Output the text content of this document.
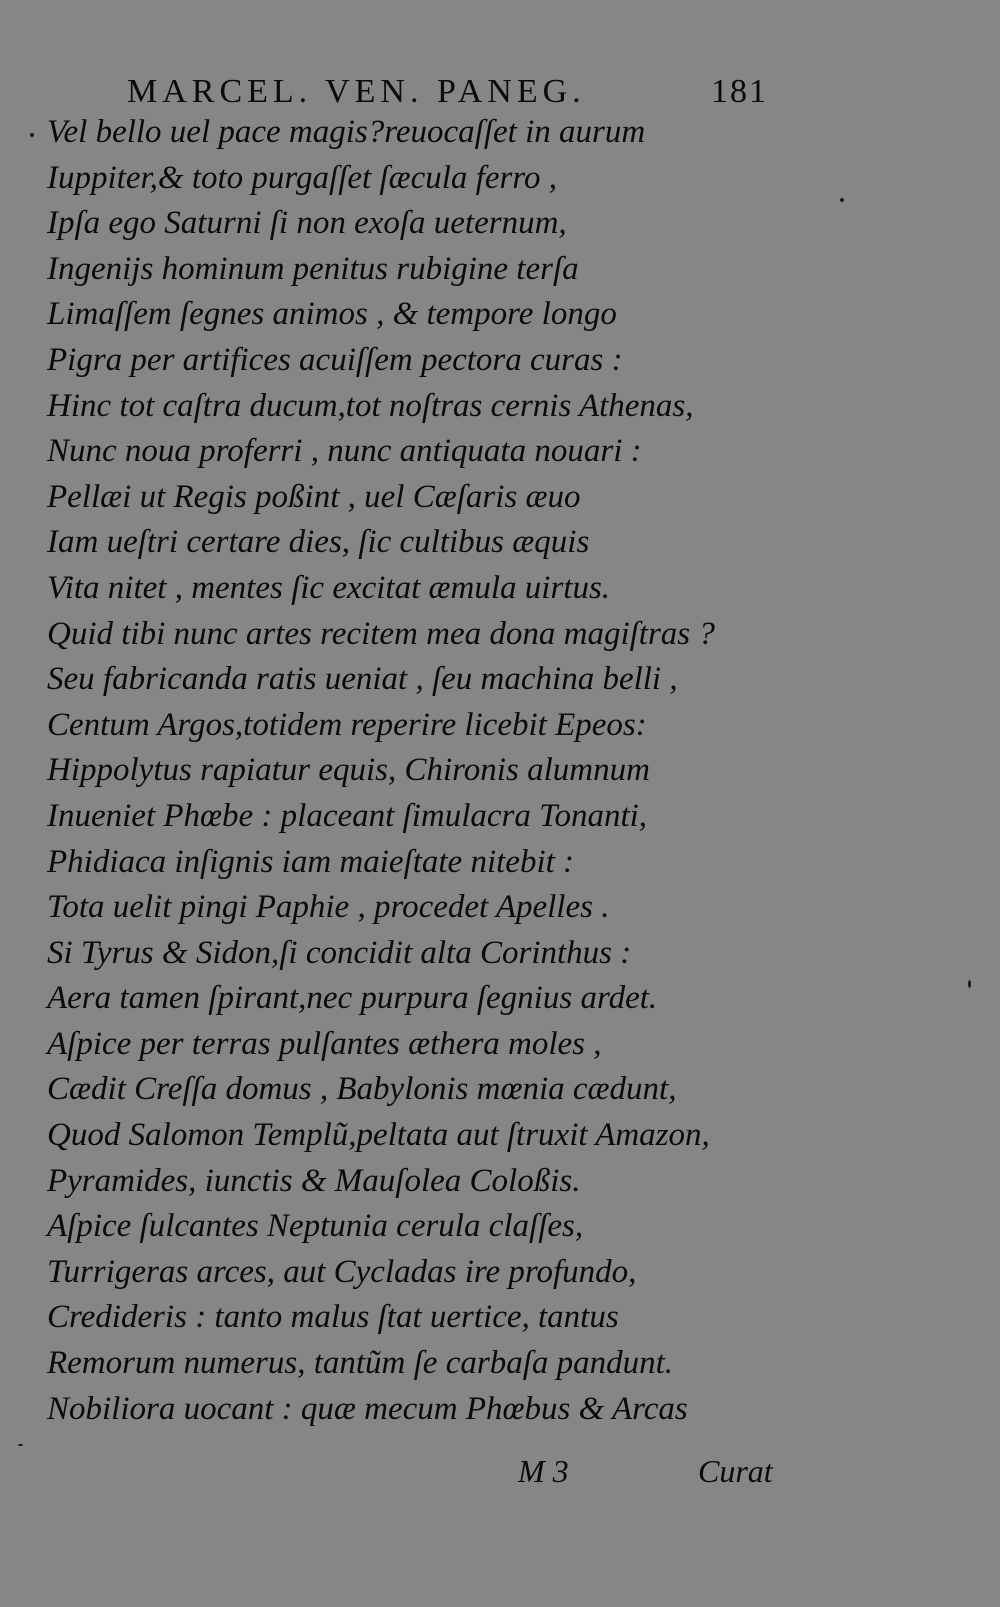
MARCEL. VEN. PANEG.	181
Vel bello uel pace magis?reuocaſſet in aurum
Iuppiter,& toto purgaſſet ſæcula ferro ,
Ipſa ego Saturni ſi non exoſa ueternum,
Ingeniјs hominum penitus rubigine terſa
Limaſſem ſegnes animos , & tempore longo
Pigra per artifices acuiſſem pectora curas :
Hinc tot caſtra ducum,tot noſtras cernis Athenas,
Nunc noua proferri , nunc antiquata nouari :
Pellæi ut Regis poßint , uel Cæſaris æuo
Iam ueſtri certare dies, ſic cultibus æquis
Vita nitet , mentes ſic excitat æmula uirtus.
Quid tibi nunc artes recitem mea dona magiſtras ?
Seu fabricanda ratis ueniat , ſeu machina belli ,
Centum Argos,totidem reperire licebit Epeos:
Hippolytus rapiatur equis, Chironis alumnum
Inueniet Phœbe : placeant ſimulacra Tonanti,
Phidiaca inſignis iam maieſtate nitebit :
Tota uelit pingi Paphie , procedet Apelles .
Si Tyrus & Sidon,ſi concidit alta Corinthus :
Aera tamen ſpirant,nec purpura ſegnius ardet.
Aſpice per terras pulſantes æthera moles ,
Cædit Creſſa domus , Babylonis mœnia cædunt,
Quod Salomon Templũ,peltata aut ſtruxit Amazon,
Pyramides, iunctis & Mauſolea Coloßis.
Aſpice ſulcantes Neptunia cerula claſſes,
Turrigeras arces, aut Cycladas ire profundo,
Credideris : tanto malus ſtat uertice, tantus
Remorum numerus, tantũm ſe carbaſa pandunt.
Nobiliora uocant : quæ mecum Phœbus & Arcas
M 3	Curat
